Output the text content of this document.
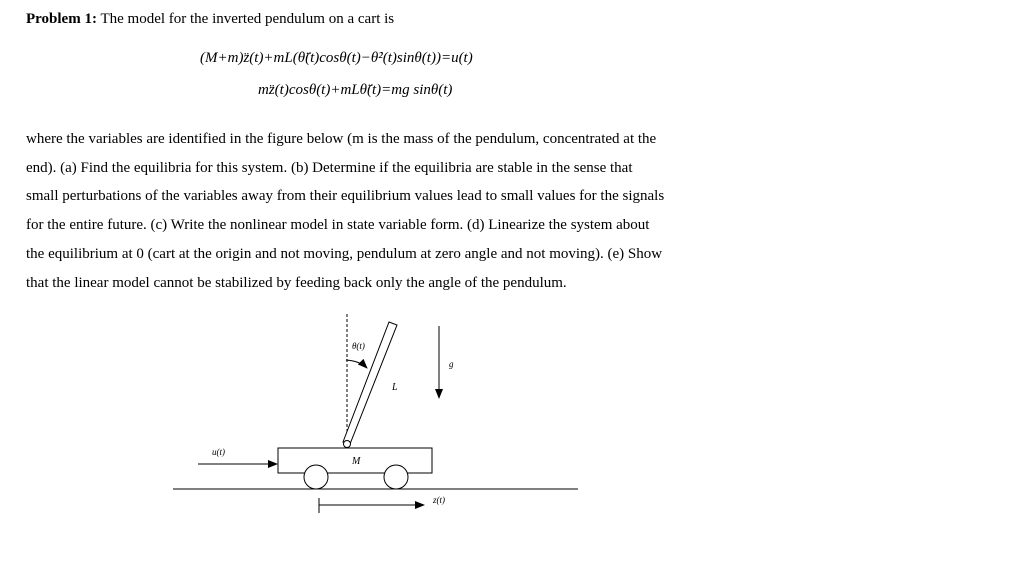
Problem 1: The model for the inverted pendulum on a cart is
(M+m)z̈(t)+mL(θ̈(t)cosθ(t)−θ̇²(t)sinθ(t))=u(t)
mz̈(t)cosθ(t)+mLθ̈(t)=mg sinθ(t)
where the variables are identified in the figure below (m is the mass of the pendulum, concentrated at the
end). (a) Find the equilibria for this system. (b) Determine if the equilibria are stable in the sense that
small perturbations of the variables away from their equilibrium values lead to small values for the signals
for the entire future. (c) Write the nonlinear model in state variable form. (d) Linearize the system about
the equilibrium at 0 (cart at the origin and not moving, pendulum at zero angle and not moving). (e) Show
that the linear model cannot be stabilized by feeding back only the angle of the pendulum.
θ(t)
L
g
M
u(t)
z(t)
